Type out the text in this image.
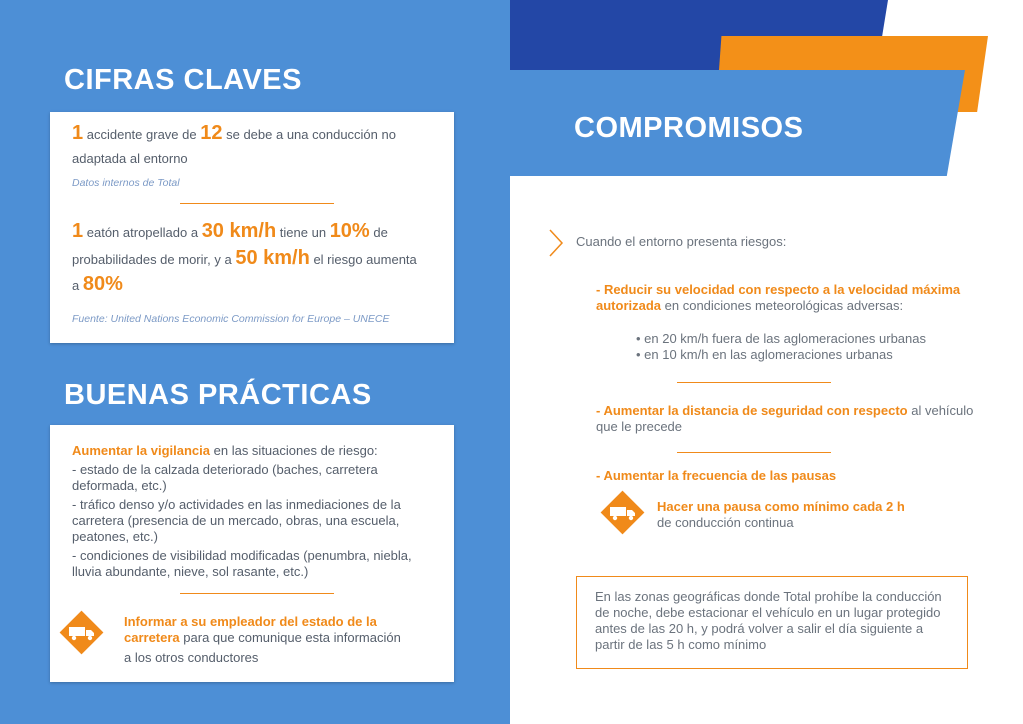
CIFRAS CLAVES

1 accidente grave de 12 se debe a una conducción no

adaptada al entorno

Datos internos de Total

1 eatón atropellado a 30 km/h tiene un 10% de

probabilidades de morir, y a 50 km/h el riesgo aumenta

a 80%

Fuente: United Nations Economic Commission for Europe – UNECE

BUENAS PRÁCTICAS

Aumentar la vigilancia en las situaciones de riesgo:

- estado de la calzada deteriorado (baches, carretera

deformada, etc.)

- tráfico denso y/o actividades en las inmediaciones de la

carretera (presencia de un mercado, obras, una escuela,

peatones, etc.)

- condiciones de visibilidad modificadas (penumbra, niebla,

lluvia abundante, nieve, sol rasante, etc.)

Informar a su empleador del estado de la

carretera para que comunique esta información

a los otros conductores

COMPROMISOS

Cuando el entorno presenta riesgos:

- Reducir su velocidad con respecto a la velocidad máxima

autorizada en condiciones meteorológicas adversas:

• en 20 km/h fuera de las aglomeraciones urbanas

• en 10 km/h en las aglomeraciones urbanas

- Aumentar la distancia de seguridad con respecto al vehículo

que le precede

- Aumentar la frecuencia de las pausas

Hacer una pausa como mínimo cada 2 h

de conducción continua

En las zonas geográficas donde Total prohíbe la conducción

de noche, debe estacionar el vehículo en un lugar protegido

antes de las 20 h, y podrá volver a salir el día siguiente a

partir de las 5 h como mínimo
